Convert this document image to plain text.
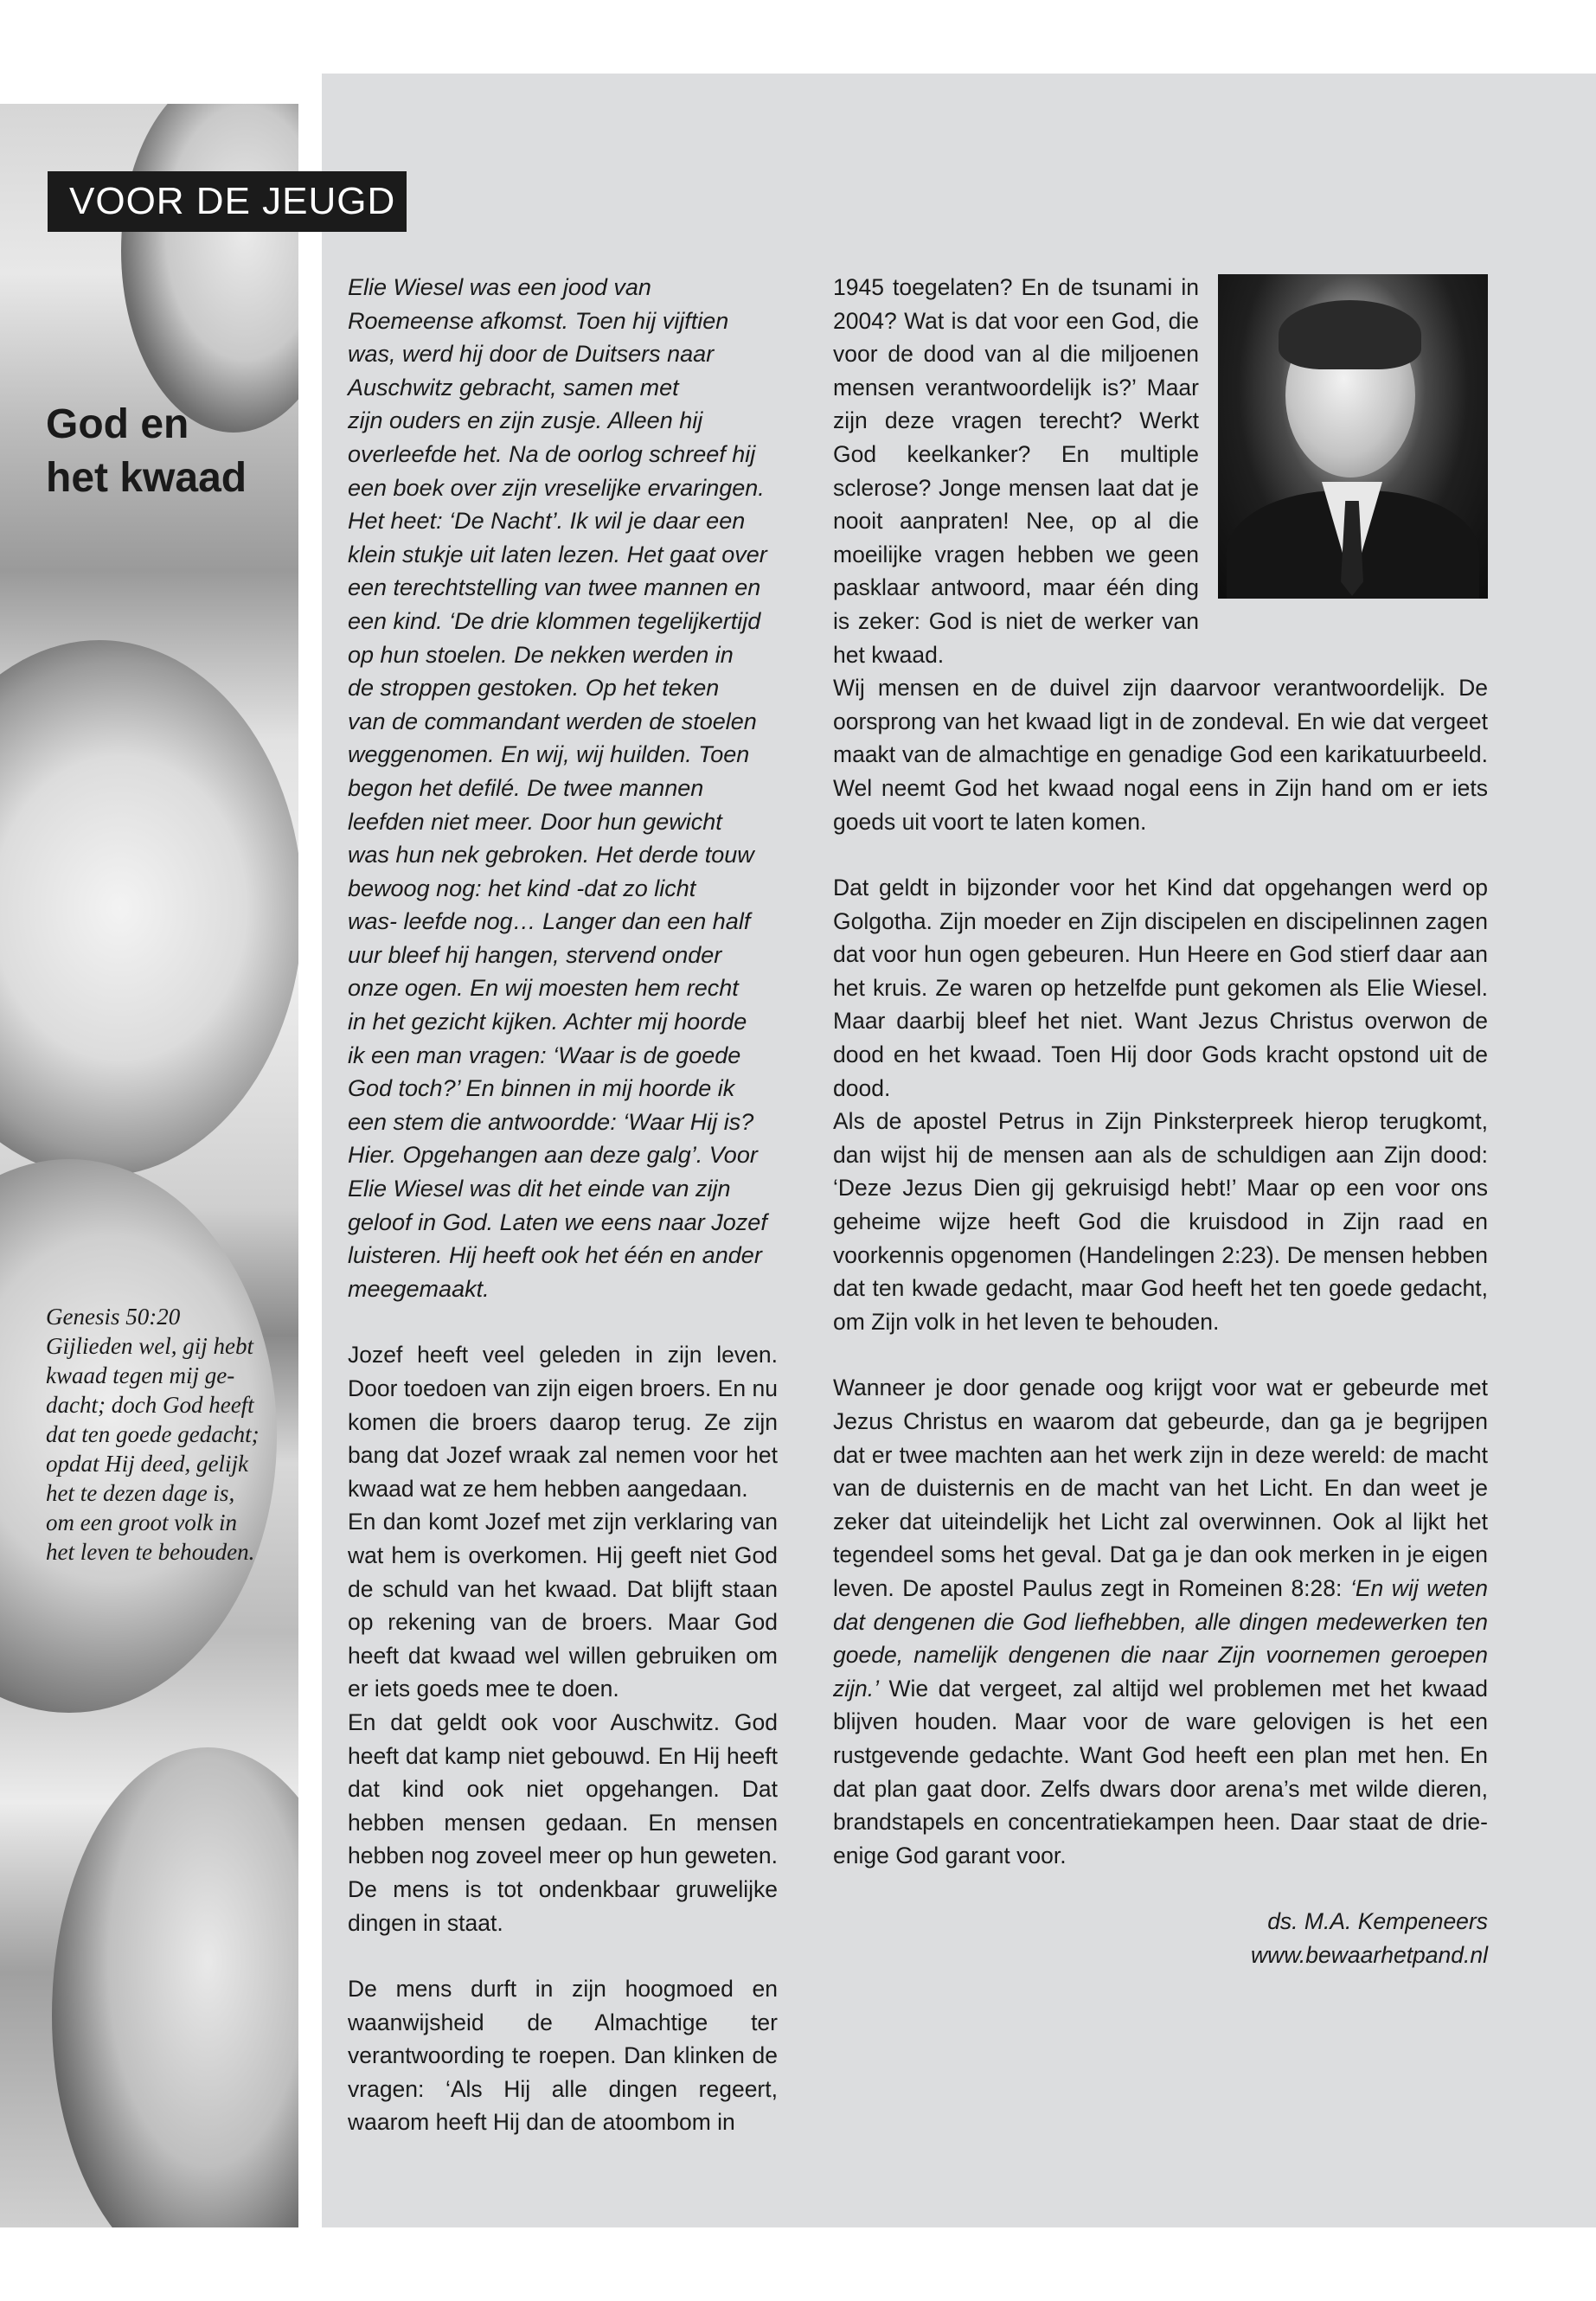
VOOR DE JEUGD
God en
het kwaad
Genesis 50:20
Gijlieden wel, gij hebt
kwaad tegen mij ge-
dacht; doch God heeft
dat ten goede gedacht;
opdat Hij deed, gelijk
het te dezen dage is,
om een groot volk in
het leven te behouden.
Elie Wiesel was een jood van
Roemeense afkomst. Toen hij vijftien
was, werd hij door de Duitsers naar
Auschwitz gebracht, samen met
zijn ouders en zijn zusje. Alleen hij
overleefde het. Na de oorlog schreef hij
een boek over zijn vreselijke ervaringen.
Het heet: ‘De Nacht’. Ik wil je daar een
klein stukje uit laten lezen. Het gaat over
een terechtstelling van twee mannen en
een kind. ‘De drie klommen tegelijkertijd
op hun stoelen. De nekken werden in
de stroppen gestoken. Op het teken
van de commandant werden de stoelen
weggenomen. En wij, wij huilden. Toen
begon het defilé. De twee mannen
leefden niet meer. Door hun gewicht
was hun nek gebroken. Het derde touw
bewoog nog: het kind -dat zo licht
was- leefde nog… Langer dan een half
uur bleef hij hangen, stervend onder
onze ogen. En wij moesten hem recht
in het gezicht kijken. Achter mij hoorde
ik een man vragen: ‘Waar is de goede
God toch?’ En binnen in mij hoorde ik
een stem die antwoordde: ‘Waar Hij is?
Hier. Opgehangen aan deze galg’. Voor
Elie Wiesel was dit het einde van zijn
geloof in God. Laten we eens naar Jozef
luisteren. Hij heeft ook het één en ander
meegemaakt.

Jozef heeft veel geleden in zijn leven. Door toedoen van zijn eigen broers. En nu komen die broers daarop terug. Ze zijn bang dat Jozef wraak zal nemen voor het kwaad wat ze hem hebben aangedaan.

En dan komt Jozef met zijn verklaring van wat hem is overkomen. Hij geeft niet God de schuld van het kwaad. Dat blijft staan op rekening van de broers. Maar God heeft dat kwaad wel willen gebruiken om er iets goeds mee te doen.

En dat geldt ook voor Auschwitz. God heeft dat kamp niet gebouwd. En Hij heeft dat kind ook niet opgehangen. Dat hebben mensen gedaan. En mensen hebben nog zoveel meer op hun geweten. De mens is tot ondenkbaar gruwelijke dingen in staat.

De mens durft in zijn hoogmoed en waanwijsheid de Almachtige ter verantwoording te roepen. Dan klinken de vragen: ‘Als Hij alle dingen regeert, waarom heeft Hij dan de atoombom in

1945 toegelaten? En de tsunami in 2004? Wat is dat voor een God, die voor de dood van al die miljoenen mensen verantwoordelijk is?’ Maar zijn deze vragen terecht? Werkt God keelkanker? En multiple sclerose? Jonge mensen laat dat je nooit aanpraten! Nee, op al die moeilijke vragen hebben we geen pasklaar antwoord, maar één ding is zeker: God is niet de werker van het kwaad.

Wij mensen en de duivel zijn daarvoor verantwoordelijk. De oorsprong van het kwaad ligt in de zondeval. En wie dat vergeet maakt van de almachtige en genadige God een karikatuurbeeld. Wel neemt God het kwaad nogal eens in Zijn hand om er iets goeds uit voort te laten komen.

Dat geldt in bijzonder voor het Kind dat opgehangen werd op Golgotha. Zijn moeder en Zijn discipelen en discipelinnen zagen dat voor hun ogen gebeuren. Hun Heere en God stierf daar aan het kruis. Ze waren op hetzelfde punt gekomen als Elie Wiesel. Maar daarbij bleef het niet. Want Jezus Christus overwon de dood en het kwaad. Toen Hij door Gods kracht opstond uit de dood.

Als de apostel Petrus in Zijn Pinksterpreek hierop terugkomt, dan wijst hij de mensen aan als de schuldigen aan Zijn dood: ‘Deze Jezus Dien gij gekruisigd hebt!’ Maar op een voor ons geheime wijze heeft God die kruisdood in Zijn raad en voorkennis opgenomen (Handelingen 2:23). De mensen hebben dat ten kwade gedacht, maar God heeft het ten goede gedacht, om Zijn volk in het leven te behouden.

Wanneer je door genade oog krijgt voor wat er gebeurde met Jezus Christus en waarom dat gebeurde, dan ga je begrijpen dat er twee machten aan het werk zijn in deze wereld: de macht van de duisternis en de macht van het Licht. En dan weet je zeker dat uiteindelijk het Licht zal overwinnen. Ook al lijkt het tegendeel soms het geval. Dat ga je dan ook merken in je eigen leven. De apostel Paulus zegt in Romeinen 8:28: ‘En wij weten dat dengenen die God liefhebben, alle dingen medewerken ten goede, namelijk dengenen die naar Zijn voornemen geroepen zijn.’ Wie dat vergeet, zal altijd wel problemen met het kwaad blijven houden. Maar voor de ware gelovigen is het een rustgevende gedachte. Want God heeft een plan met hen. En dat plan gaat door. Zelfs dwars door arena’s met wilde dieren, brandstapels en concentratiekampen heen. Daar staat de drie-enige God garant voor.

ds. M.A. Kempeneers
www.bewaarhetpand.nl
